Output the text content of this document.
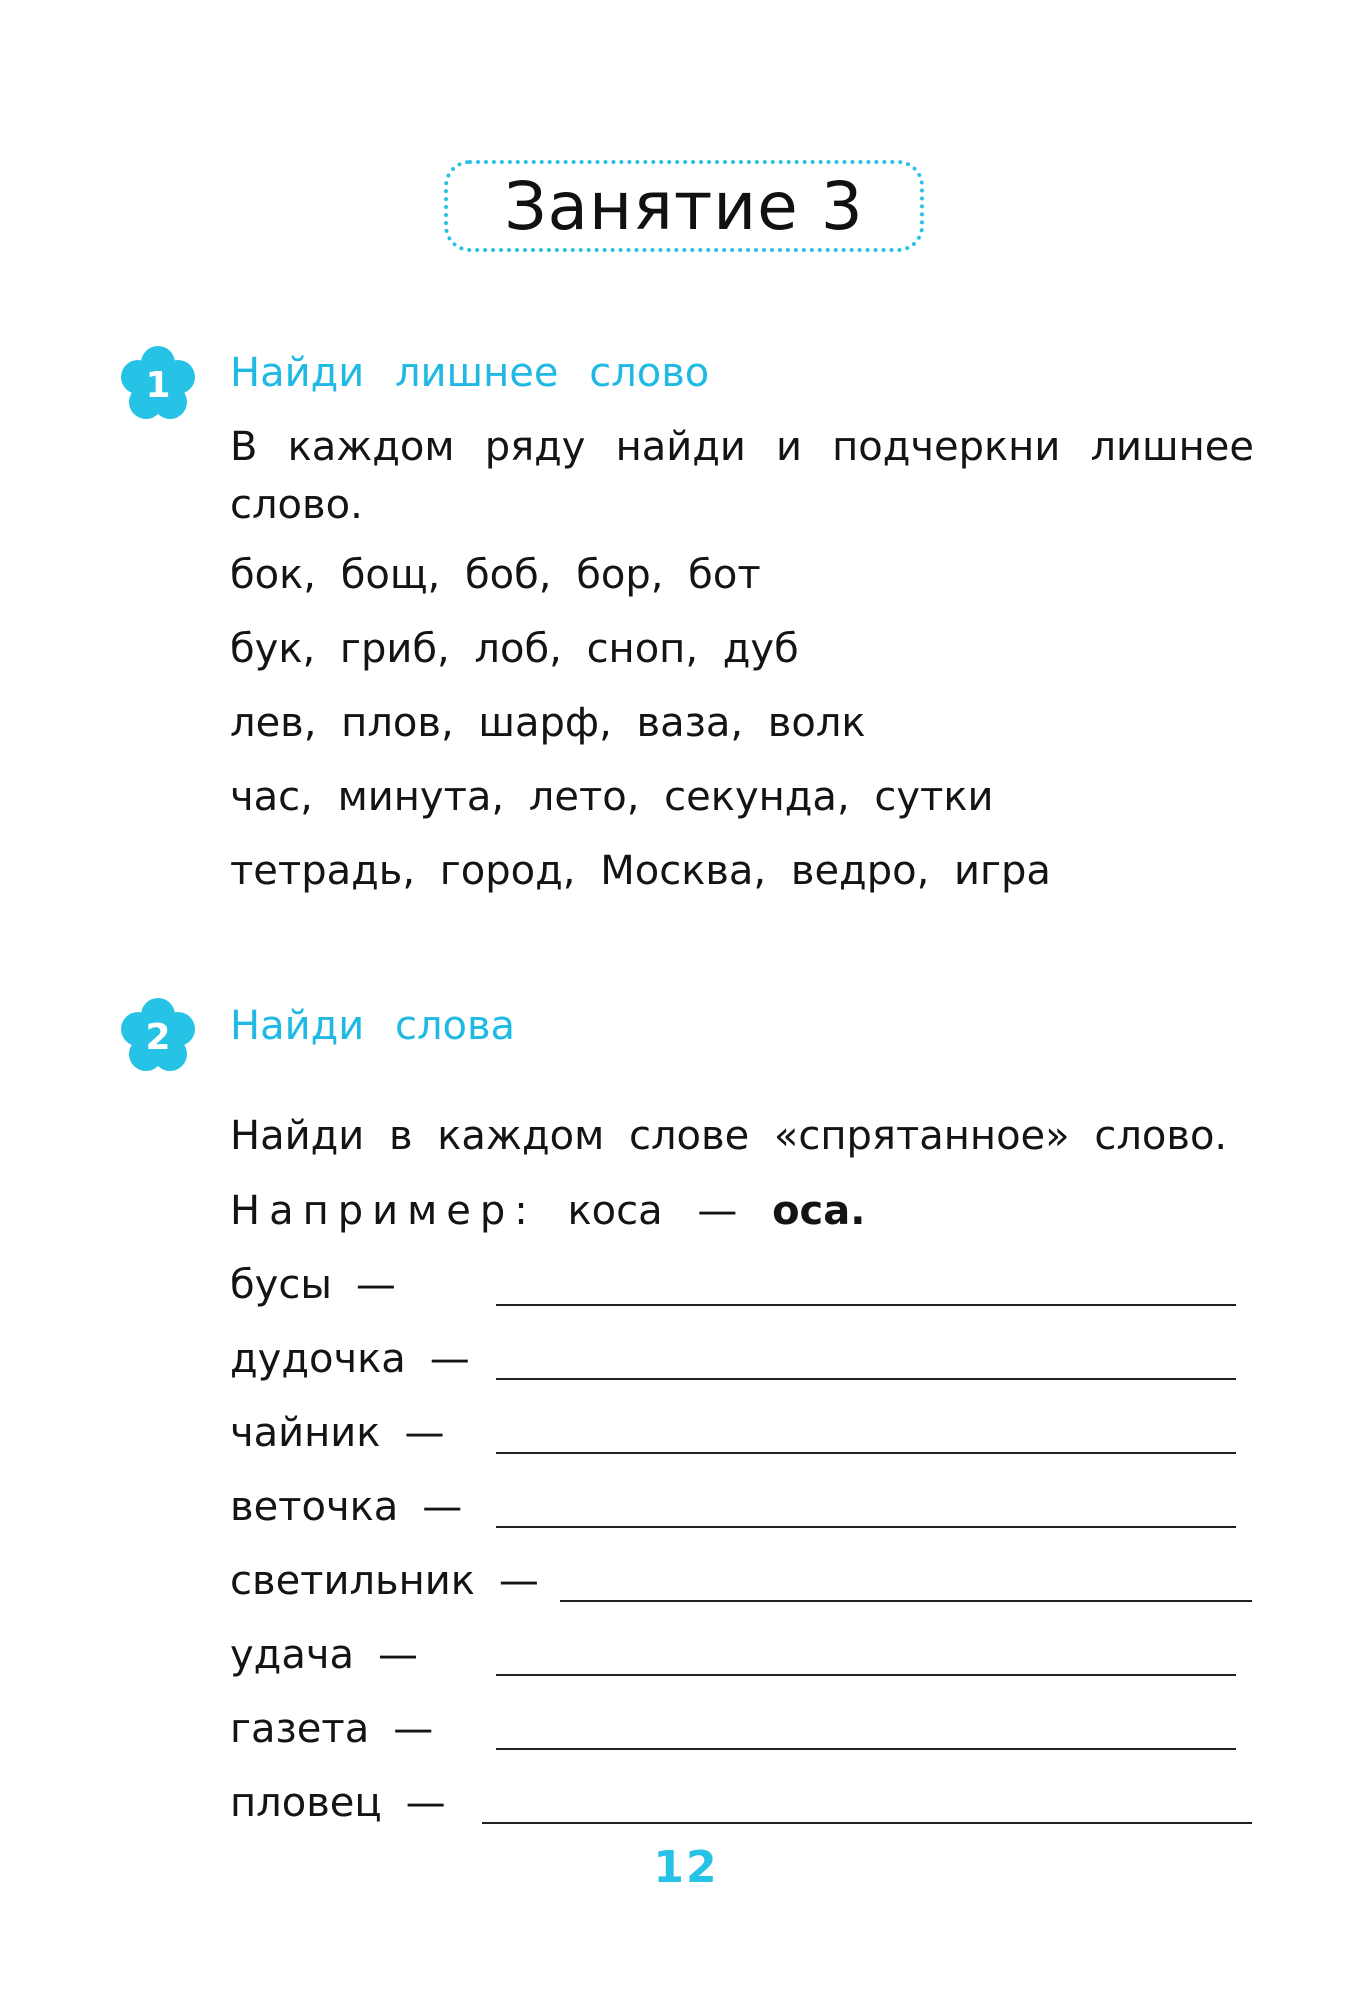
Занятие 3
1 Найди лишнее слово
В каждом ряду найди и подчеркни лишнее
слово.
бок, бощ, боб, бор, бот
бук, гриб, лоб, сноп, дуб
лев, плов, шарф, ваза, волк
час, минута, лето, секунда, сутки
тетрадь, город, Москва, ведро, игра
2 Найди слова
Найди в каждом слове «спрятанное» слово.
Например: коса — оса.
бусы —
дудочка —
чайник —
веточка —
светильник —
удача —
газета —
пловец —
12
